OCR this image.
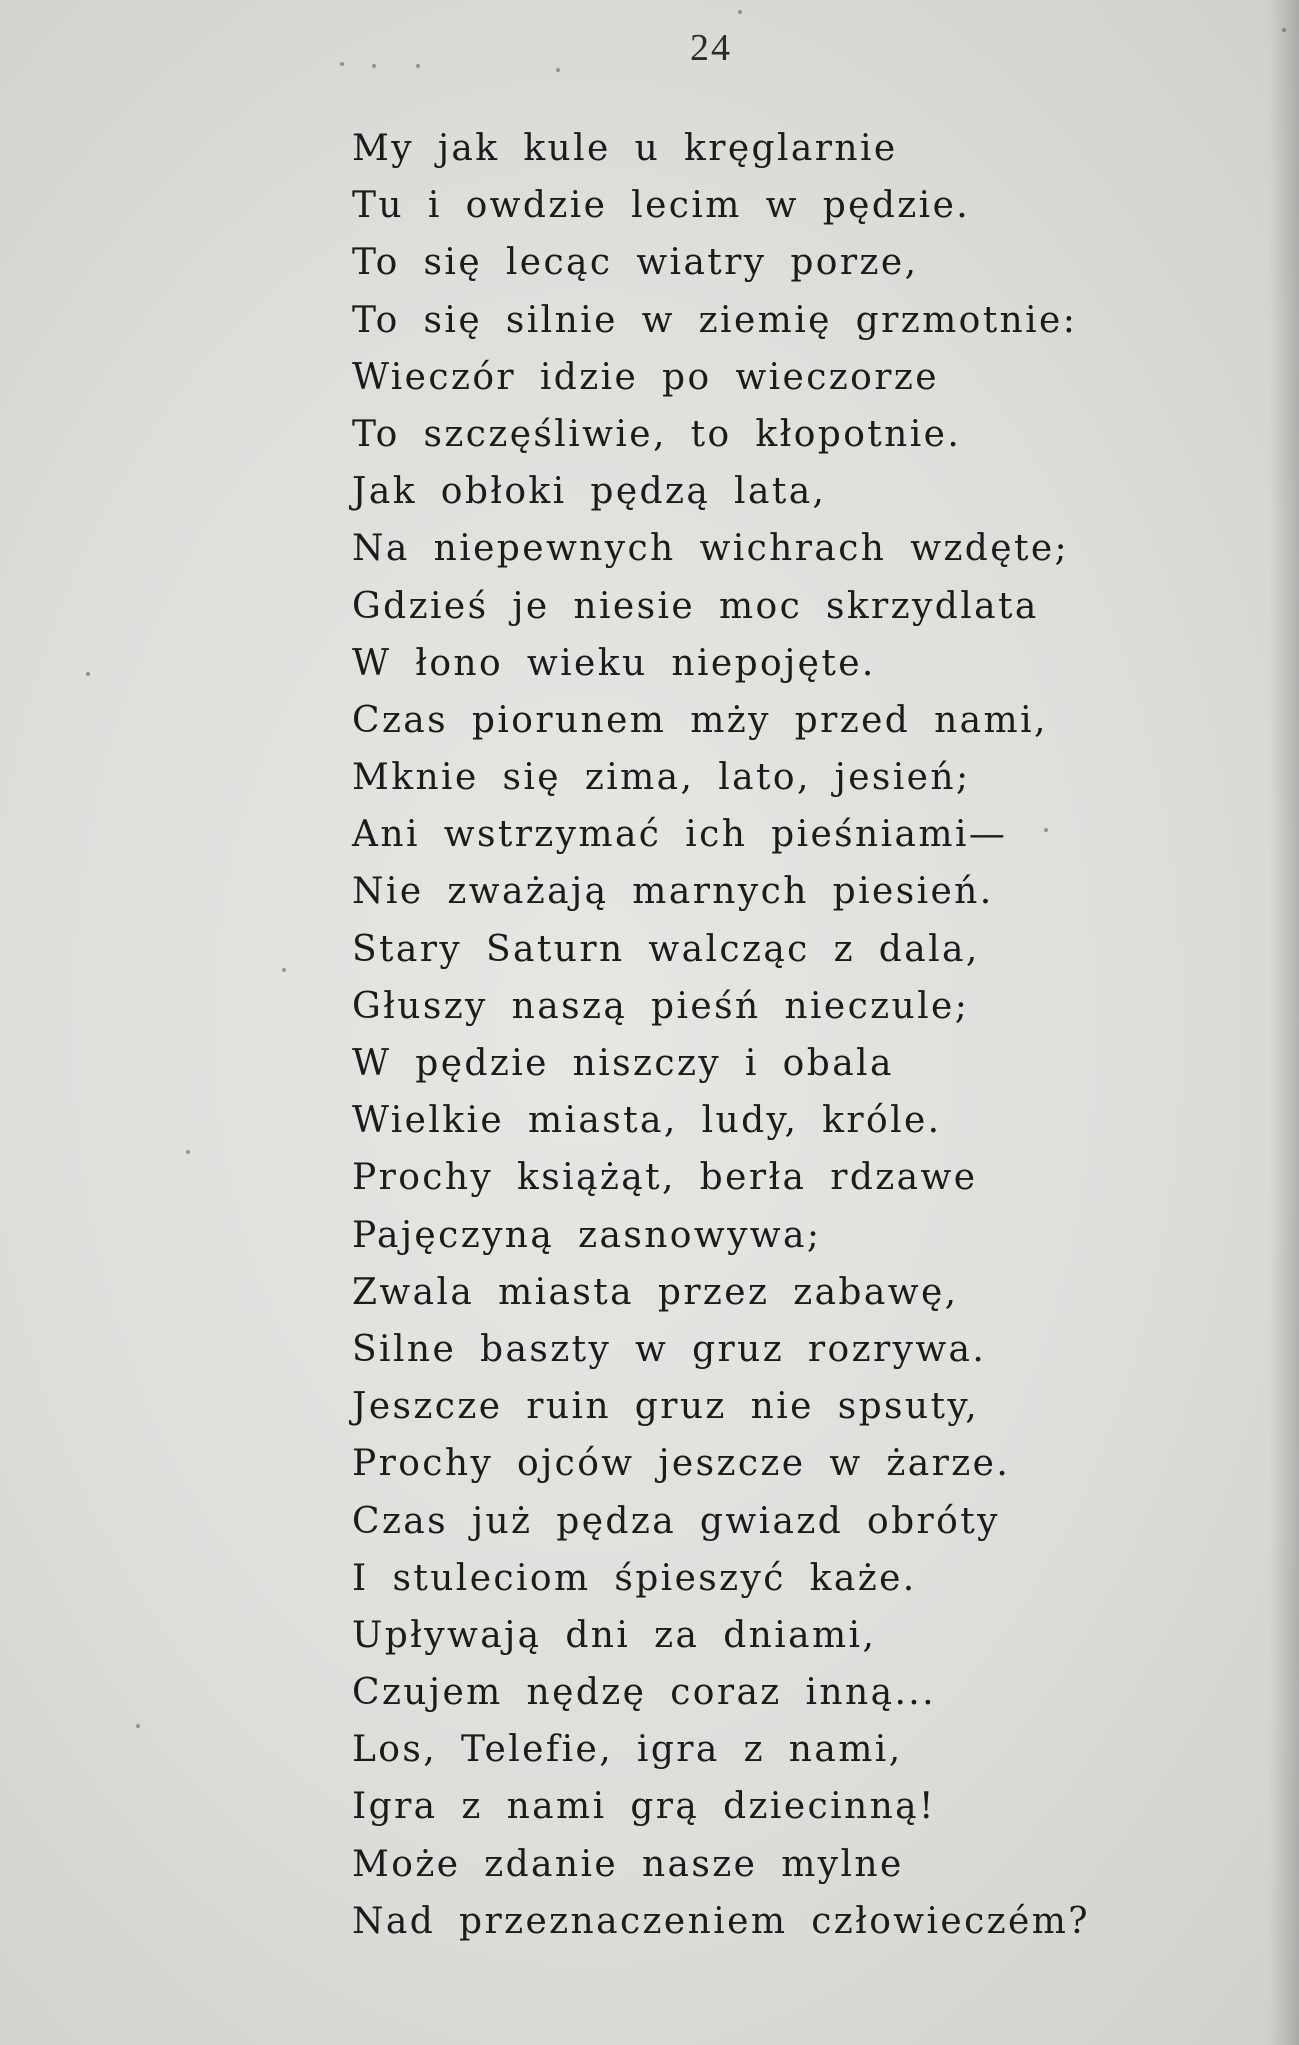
24
My jak kule u kręglarnie
Tu i owdzie lecim w pędzie.
To się lecąc wiatry porze,
To się silnie w ziemię grzmotnie:
Wieczór idzie po wieczorze
To szczęśliwie, to kłopotnie.
Jak obłoki pędzą lata,
Na niepewnych wichrach wzdęte;
Gdzieś je niesie moc skrzydlata
W łono wieku niepojęte.
Czas piorunem mży przed nami,
Mknie się zima, lato, jesień;
Ani wstrzymać ich pieśniami—
Nie zważają marnych piesień.
Stary Saturn walcząc z dala,
Głuszy naszą pieśń nieczule;
W pędzie niszczy i obala
Wielkie miasta, ludy, króle.
Prochy książąt, berła rdzawe
Pajęczyną zasnowywa;
Zwala miasta przez zabawę,
Silne baszty w gruz rozrywa.
Jeszcze ruin gruz nie spsuty,
Prochy ojców jeszcze w żarze.
Czas już pędza gwiazd obróty
I stuleciom śpieszyć każe.
Upływają dni za dniami,
Czujem nędzę coraz inną...
Los, Telefie, igra z nami,
Igra z nami grą dziecinną!
Może zdanie nasze mylne
Nad przeznaczeniem człowieczém?
